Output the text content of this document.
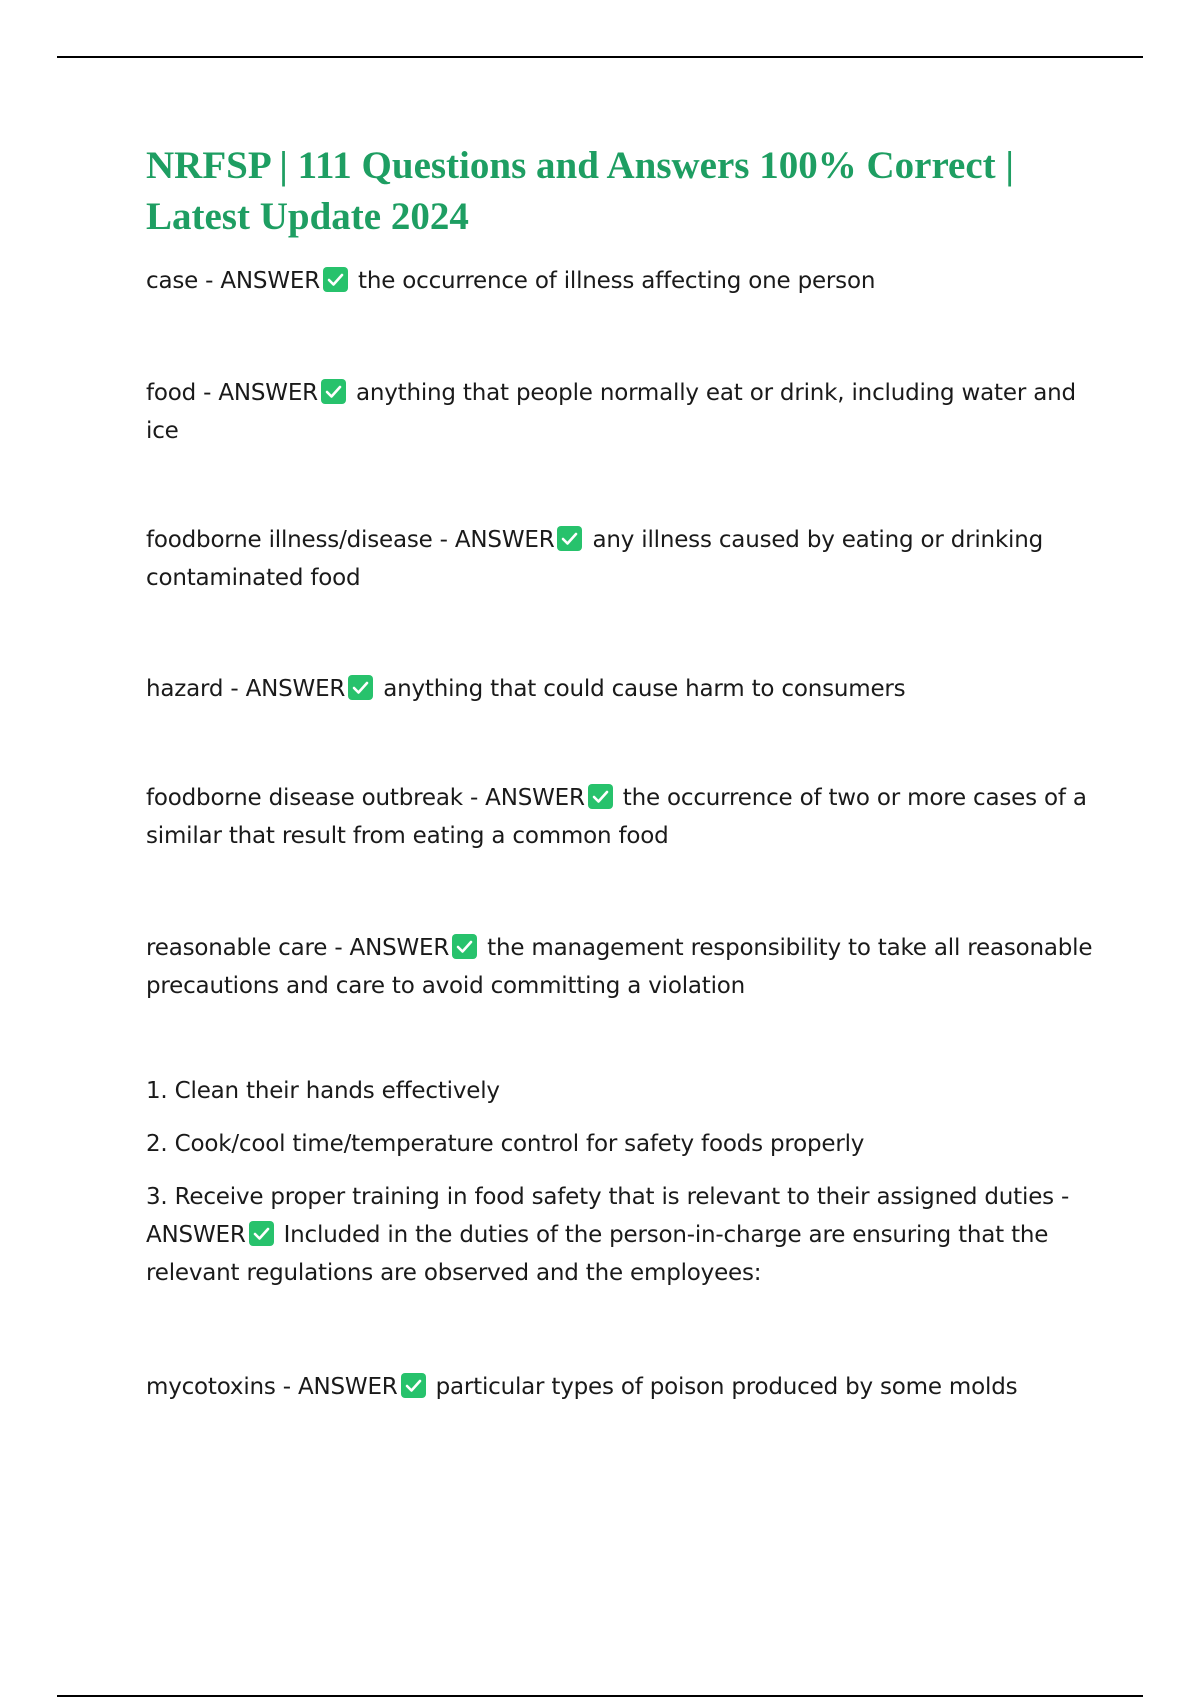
NRFSP | 111 Questions and Answers 100% Correct | Latest Update 2024

case - ANSWER the occurrence of illness affecting one person

food - ANSWER anything that people normally eat or drink, including water and ice

foodborne illness/disease - ANSWER any illness caused by eating or drinking contaminated food

hazard - ANSWER anything that could cause harm to consumers

foodborne disease outbreak - ANSWER the occurrence of two or more cases of a similar that result from eating a common food

reasonable care - ANSWER the management responsibility to take all reasonable precautions and care to avoid committing a violation

1. Clean their hands effectively

2. Cook/cool time/temperature control for safety foods properly

3. Receive proper training in food safety that is relevant to their assigned duties - ANSWER Included in the duties of the person-in-charge are ensuring that the relevant regulations are observed and the employees:

mycotoxins - ANSWER particular types of poison produced by some molds
